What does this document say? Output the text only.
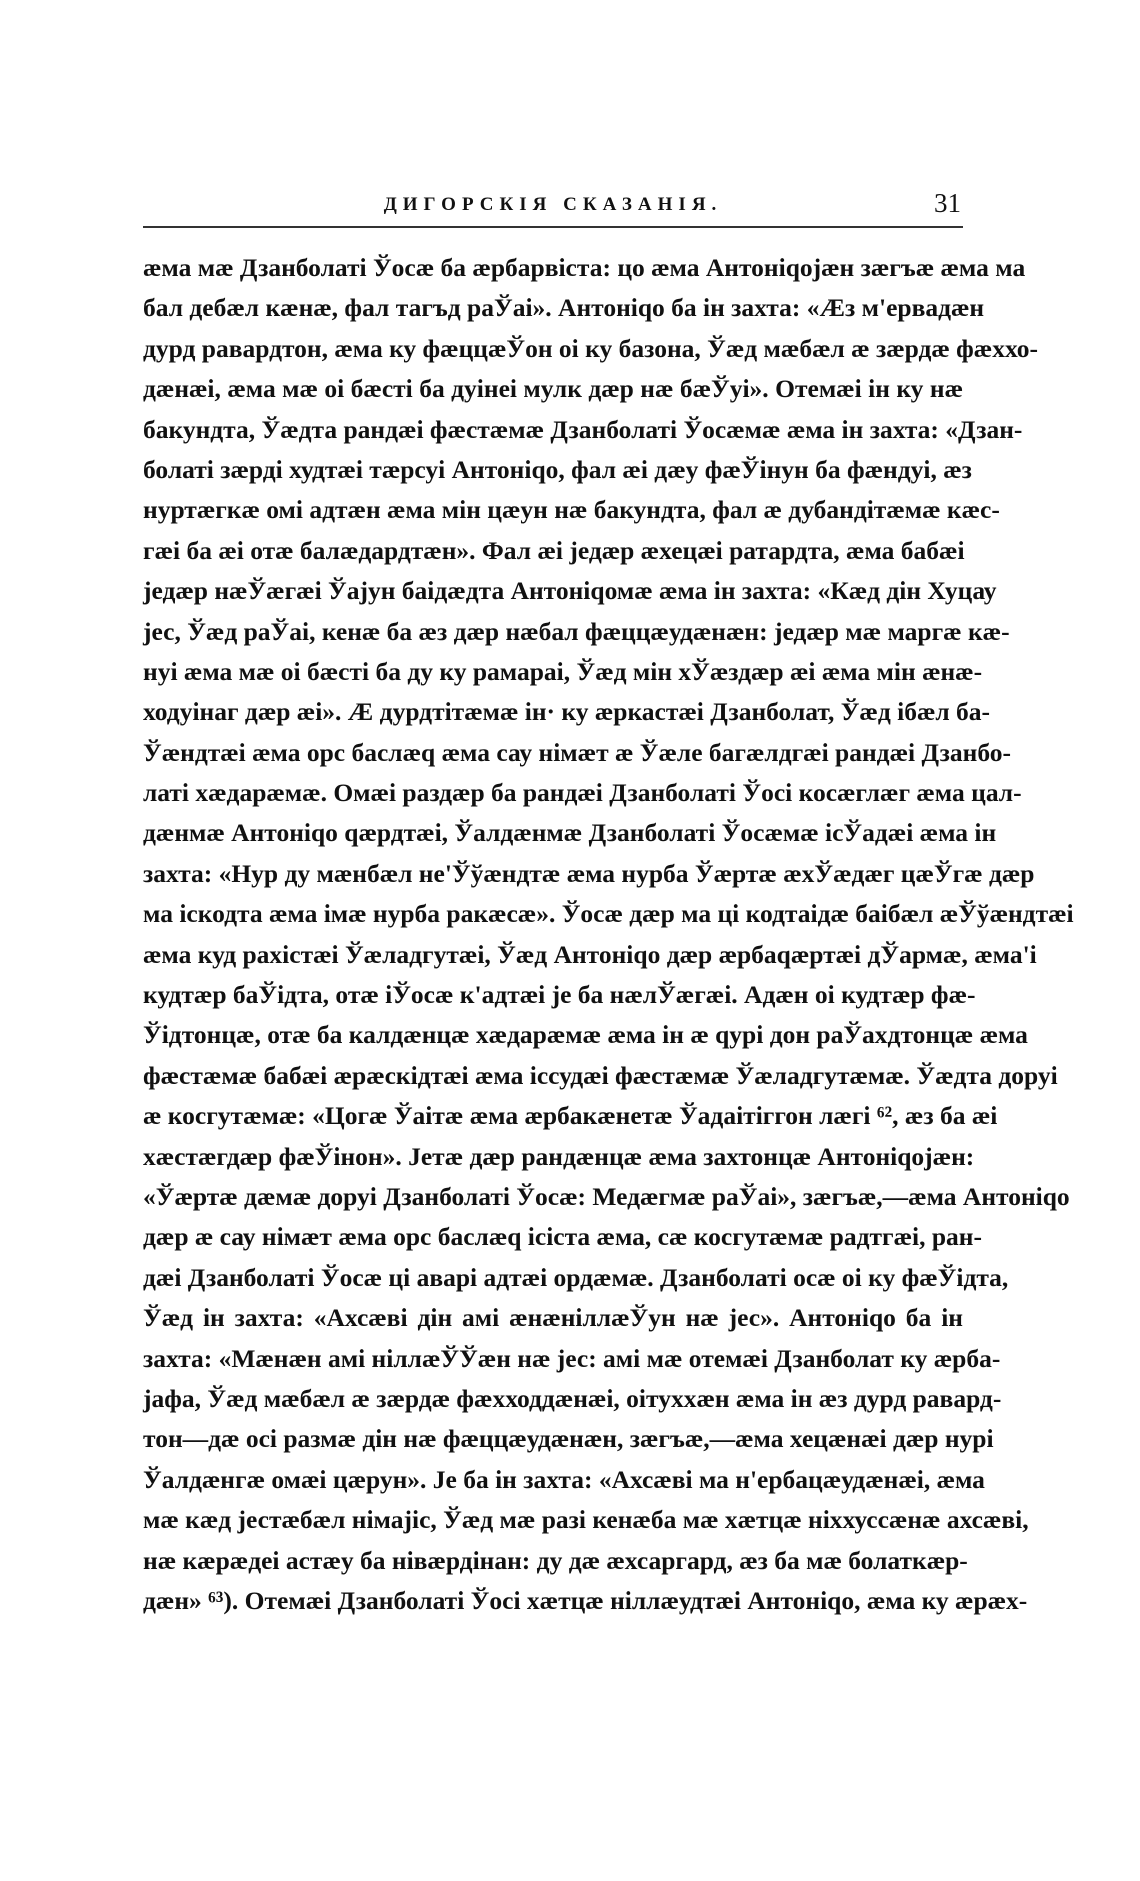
ДИГОРСКІЯ СКАЗАНІЯ.	31
æма мæ Дзанболаті Ўосæ ба æрбарвіста: цо æма Антоніqоjæн зæгъæ æма ма
бал дебæл кæнæ, фал тагъд раЎаі». Антоніqо ба ін захта: «Æз м'ервадæн
дурд равардтон, æма ку фæццæЎон оі ку базона, Ўæд мæбæл æ зæрдæ фæххо-
дæнæі, æма мæ оі бæсті ба дуінеі мулк дæр нæ бæЎуі». Отемæі ін ку нæ
бакундта, Ўæдта рандæі фæстæмæ Дзанболаті Ўосæмæ æма ін захта: «Дзан-
болаті зæрді худтæі тæрсуі Антоніqо, фал æі дæу фæЎінун ба фæндуі, æз
нуртæгкæ омі адтæн æма мін цæун нæ бакундта, фал æ дубандітæмæ кæс-
гæі ба æі отæ балæдардтæн». Фал æі jедæр æхецæі ратардта, æма бабæі
jедæр нæЎæгæі Ўаjун баідæдта Антоніqомæ æма ін захта: «Кæд дін Хуцау
jес, Ўæд раЎаі, кенæ ба æз дæр нæбал фæццæудæнæн: jедæр мæ маргæ кæ-
нуі æма мæ оі бæсті ба ду ку рамараі, Ўæд мін хЎæздæр æі æма мін æнæ-
ходуінаг дæр æі». Æ дурдтітæмæ ін· ку æркастæі Дзанболат, Ўæд ібæл ба-
Ўæндтæі æма орс баслæq æма сау німæт æ Ўæле багæлдгæі рандæі Дзанбо-
латі хæдарæмæ. Омæі раздæр ба рандæі Дзанболаті Ўосі косæглæг æма цал-
дæнмæ Антоніqо qæрдтæі, Ўалдæнмæ Дзанболаті Ўосæмæ ісЎадæі æма ін
захта: «Нур ду мæнбæл не'Ўўæндтæ æма нурба Ўæртæ æхЎæдæг цæЎгæ дæр
ма іскодта æма імæ нурба ракæсæ». Ўосæ дæр ма ці кодтаідæ баібæл æЎўæндтæі
æма куд рахістæі Ўæладгутæі, Ўæд Антоніqо дæр æрбаqæртæі дЎармæ, æма'і
кудтæр баЎідта, отæ іЎосæ к'адтæі jе ба нæлЎæгæі. Адæн оі кудтæр фæ-
Ўідтонцæ, отæ ба калдæнцæ хæдарæмæ æма ін æ qурі дон раЎахдтонцæ æма
фæстæмæ бабæі æрæскідтæі æма іссудæі фæстæмæ Ўæладгутæмæ. Ўæдта доруі
æ косгутæмæ: «Цогæ Ўаітæ æма æрбакæнетæ Ўадаітіггон лæгі ⁶², æз ба æі
хæстæгдæр фæЎінон». Jетæ дæр рандæнцæ æма захтонцæ Антоніqоjæн:
«Ўæртæ дæмæ доруі Дзанболаті Ўосæ: Медæгмæ раЎаі», зæгъæ,—æма Антоніqо
дæр æ сау німæт æма орс баслæq ісіста æма, сæ косгутæмæ радтгæі, ран-
дæі Дзанболаті Ўосæ ці аварі адтæі ордæмæ. Дзанболаті осæ оі ку фæЎідта,
Ўæд ін захта: «Ахсæві дін амі æнæніллæЎун нæ jес». Антоніqо ба ін
захта: «Мæнæн амі ніллæЎЎæн нæ jес: амі мæ отемæі Дзанболат ку æрба-
jафа, Ўæд мæбæл æ зæрдæ фæхходдæнæі, оітуххæн æма ін æз дурд равард-
тон—дæ осі размæ дін нæ фæццæудæнæн, зæгъæ,—æма хецæнæі дæр нурі
Ўалдæнгæ омæі цæрун». Jе ба ін захта: «Ахсæві ма н'ербацæудæнæі, æма
мæ кæд jестæбæл німаjіс, Ўæд мæ разі кенæба мæ хæтцæ ніххуссæнæ ахсæві,
нæ кæрæдеі астæу ба нівæрдінан: ду дæ æхсаргард, æз ба мæ болаткæр-
дæн» ⁶³). Отемæі Дзанболаті Ўосі хæтцæ ніллæудтæі Антоніqо, æма ку æрæх-
